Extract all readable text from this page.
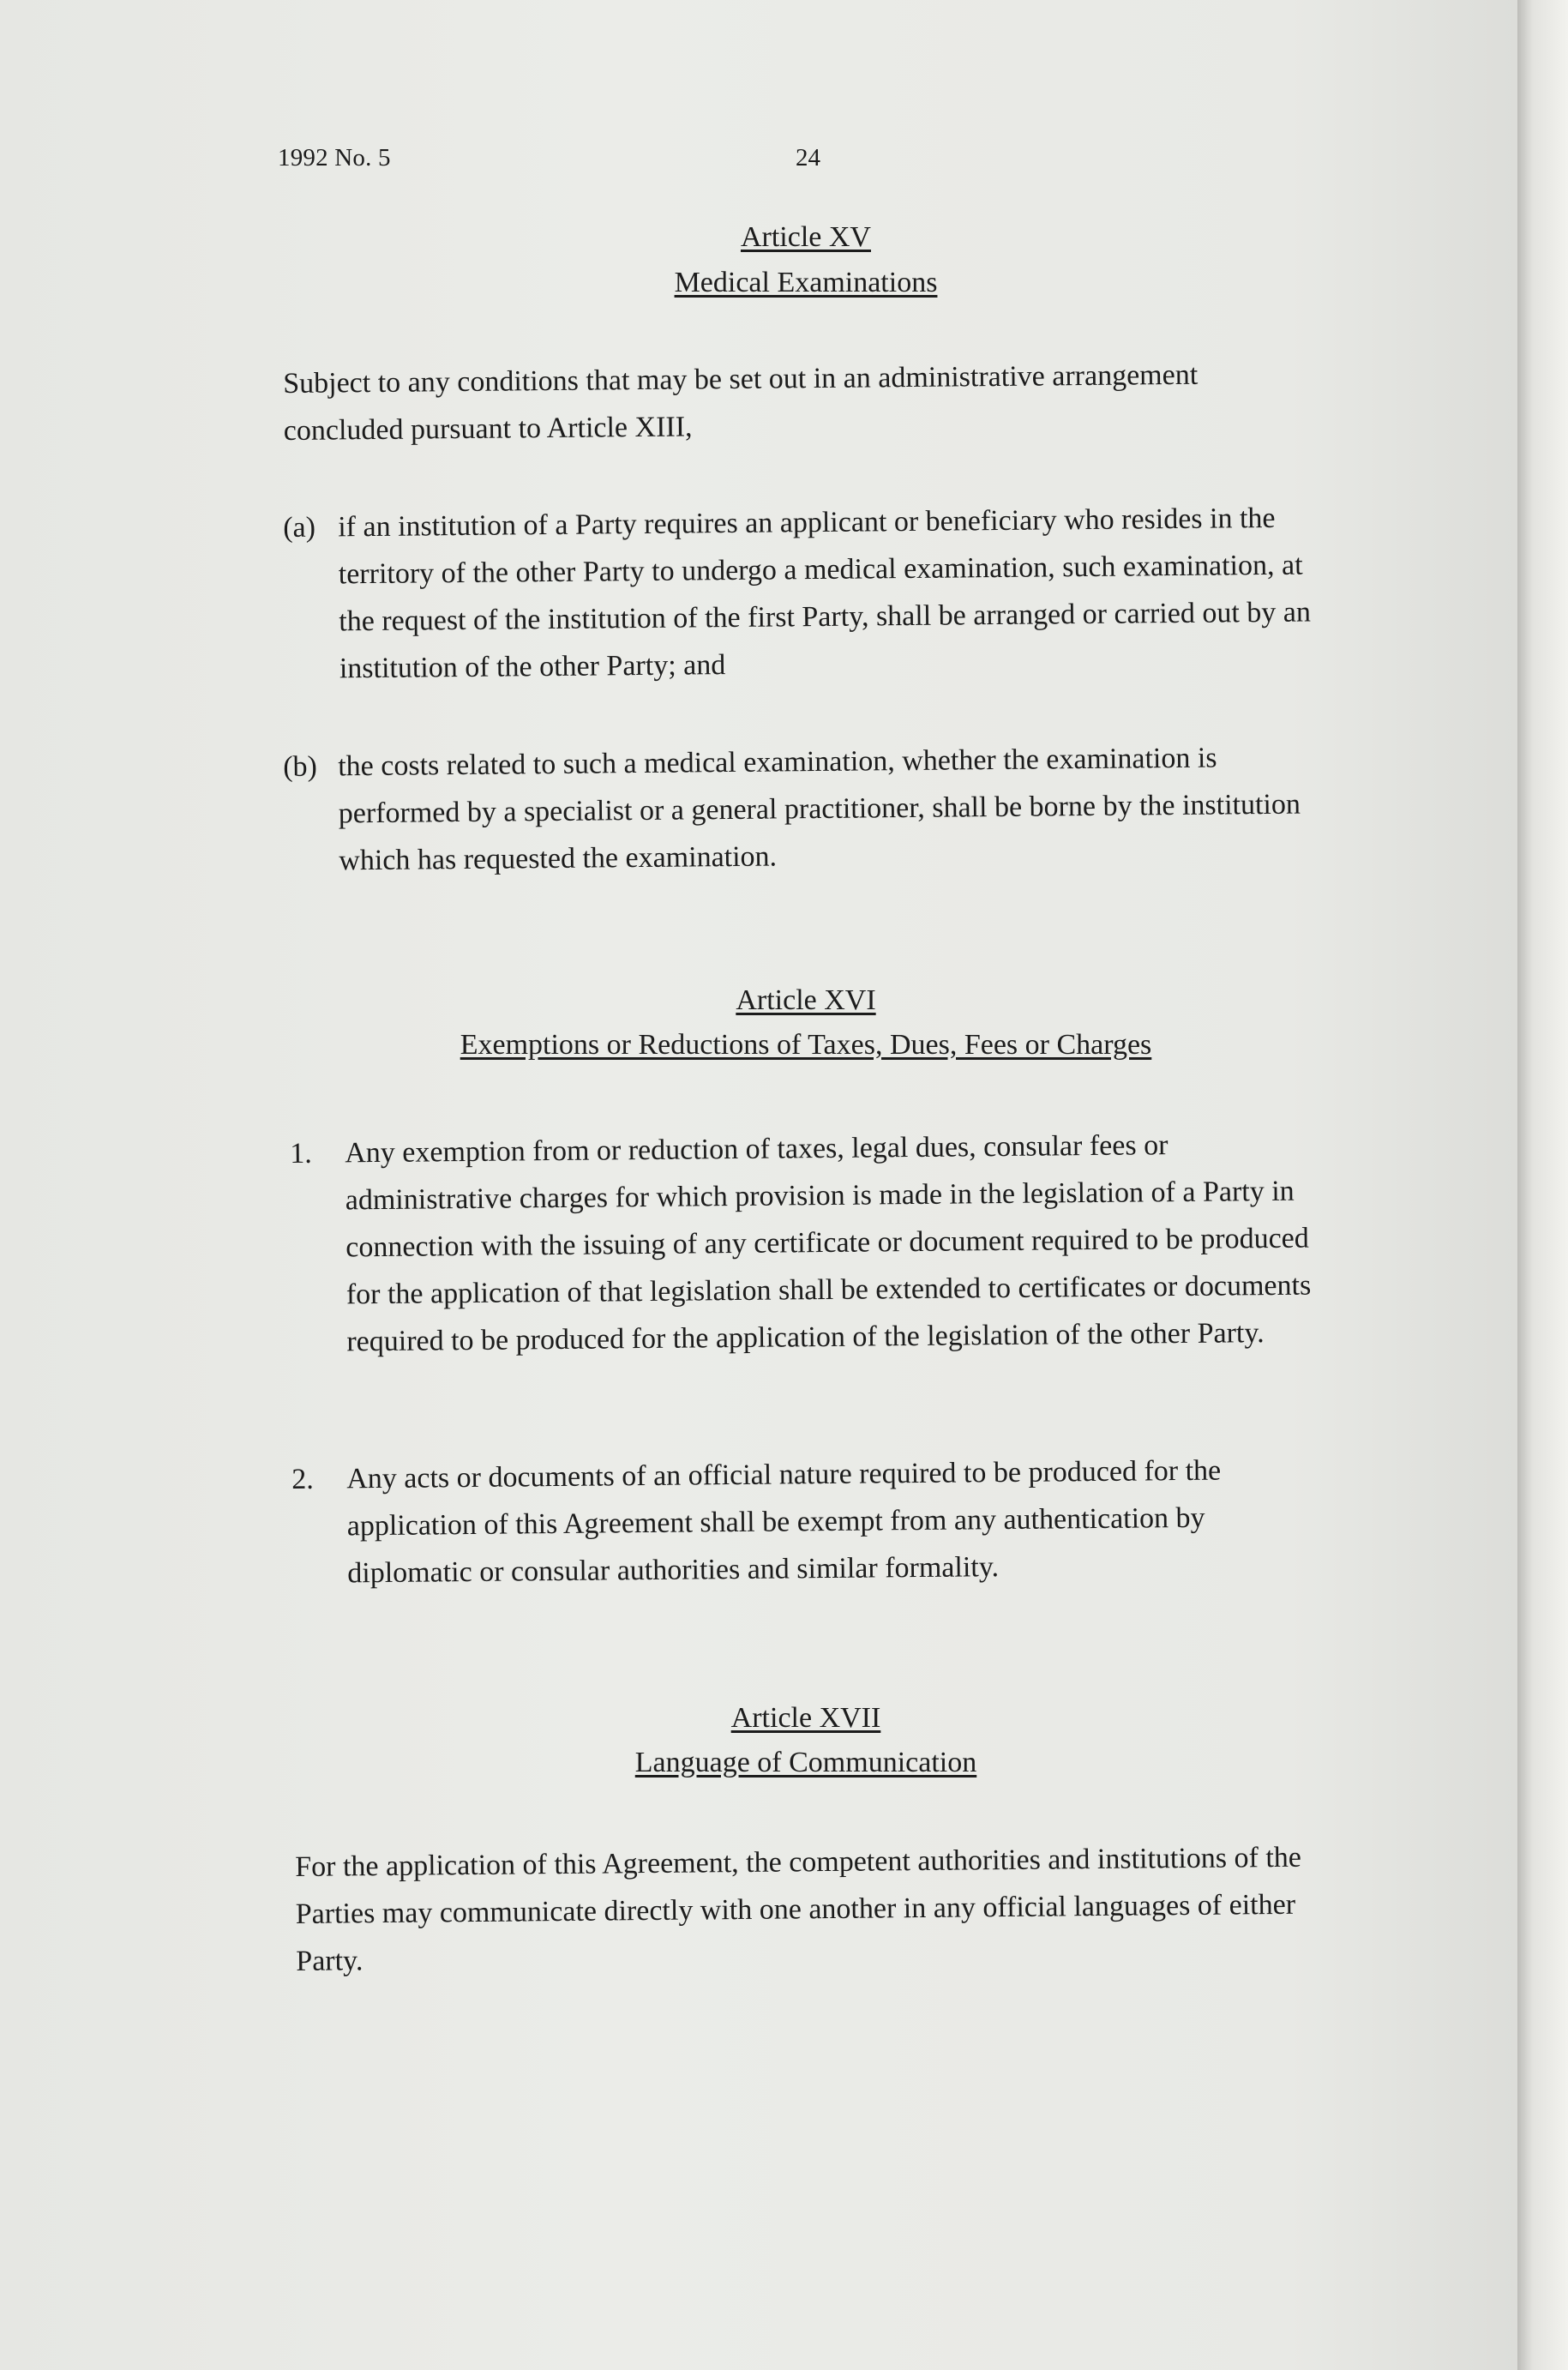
1992 No. 5	24
Article XV
Medical Examinations
Subject to any conditions that may be set out in an administrative arrangement concluded pursuant to Article XIII,
(a) if an institution of a Party requires an applicant or beneficiary who resides in the territory of the other Party to undergo a medical examination, such examination, at the request of the institution of the first Party, shall be arranged or carried out by an institution of the other Party; and
(b) the costs related to such a medical examination, whether the examination is performed by a specialist or a general practitioner, shall be borne by the institution which has requested the examination.
Article XVI
Exemptions or Reductions of Taxes, Dues, Fees or Charges
1.	Any exemption from or reduction of taxes, legal dues, consular fees or administrative charges for which provision is made in the legislation of a Party in connection with the issuing of any certificate or document required to be produced for the application of that legislation shall be extended to certificates or documents required to be produced for the application of the legislation of the other Party.
2.	Any acts or documents of an official nature required to be produced for the application of this Agreement shall be exempt from any authentication by diplomatic or consular authorities and similar formality.
Article XVII
Language of Communication
For the application of this Agreement, the competent authorities and institutions of the Parties may communicate directly with one another in any official languages of either Party.
